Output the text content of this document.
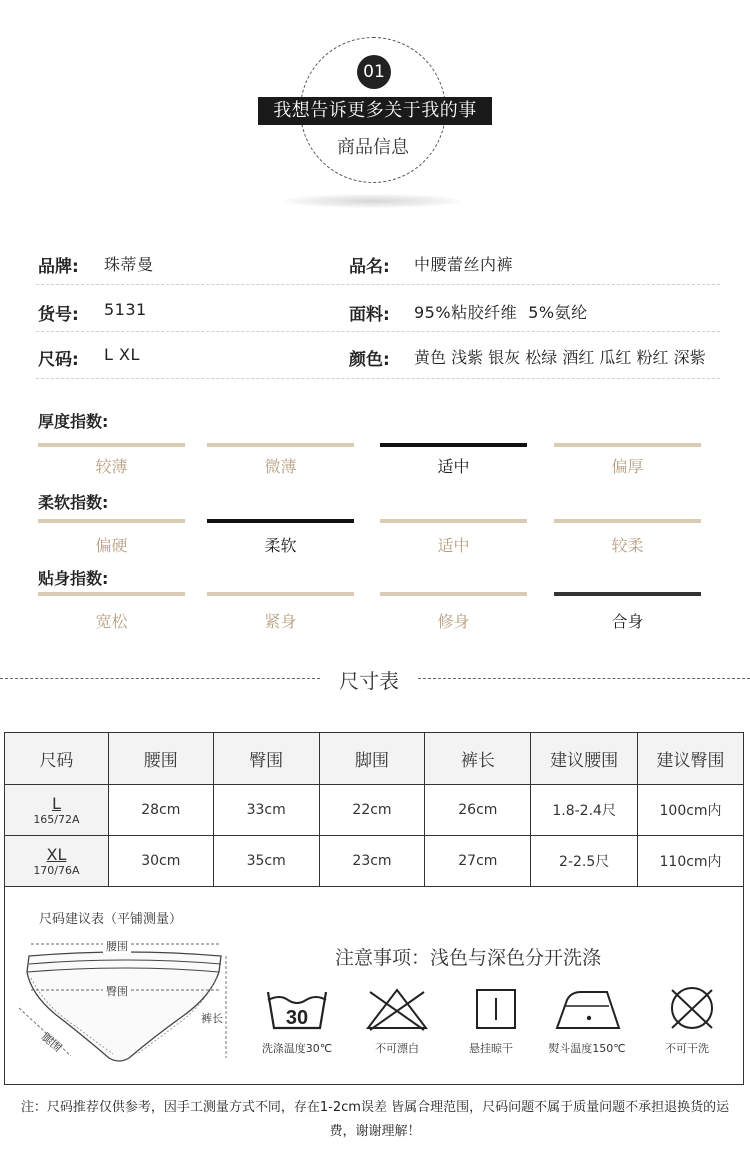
01
我想告诉更多关于我的事
商品信息
品牌: 珠蒂曼	品名: 中腰蕾丝内裤
货号: 5131	面料: 95%粘胶纤维  5%氨纶
尺码: L XL	颜色: 黄色 浅紫 银灰 松绿 酒红 瓜红 粉红 深紫
厚度指数:
较薄	微薄	适中	偏厚
柔软指数:
偏硬	柔软	适中	较柔
贴身指数:
宽松	紧身	修身	合身
尺寸表
尺码	腰围	臀围	脚围	裤长	建议腰围	建议臀围

L
165/72A	28cm	33cm	22cm	26cm	1.8-2.4尺	100cm内

XL
170/76A	30cm	35cm	23cm	27cm	2-2.5尺	110cm内
尺码建议表（平铺测量）
腰围
臀围
裤长
腿围
注意事项：浅色与深色分开洗涤
30
洗涤温度30℃	不可漂白	悬挂晾干	熨斗温度150℃	不可干洗
注：尺码推荐仅供参考，因手工测量方式不同，存在1-2cm误差 皆属合理范围，尺码问题不属于质量问题不承担退换货的运费，谢谢理解！
